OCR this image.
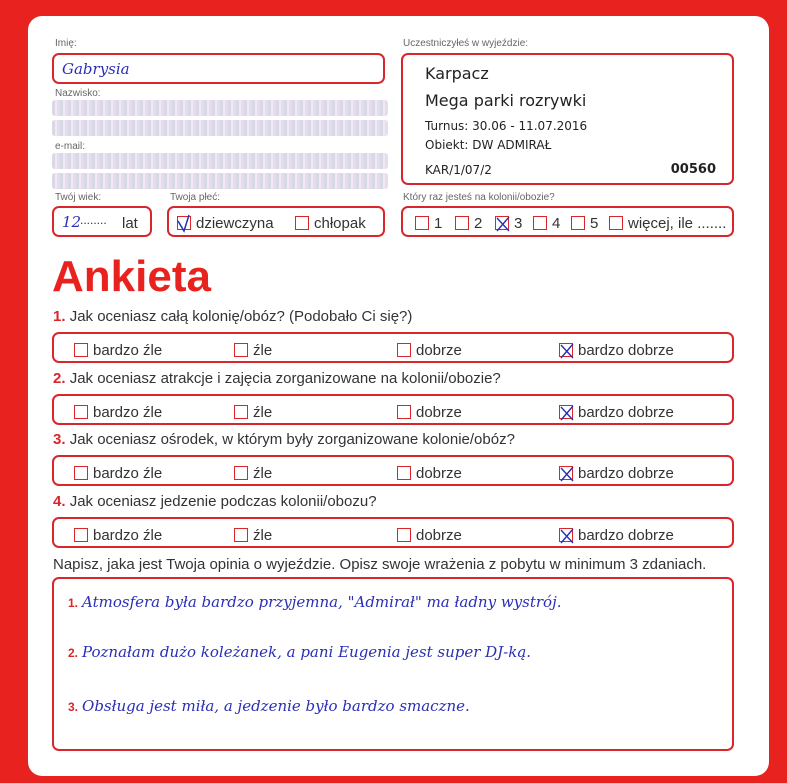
Imię:
Gabrysia
Nazwisko:
e-mail:
Twój wiek:
12
........ lat
Twoja płeć:
dziewczyna	chłopak
Uczestniczyłeś w wyjeździe:
Karpacz
Mega parki rozrywki
Turnus: 30.06 - 11.07.2016
Obiekt: DW ADMIRAŁ
KAR/1/07/2	00560
Który raz jesteś na kolonii/obozie?
1	2	3	4	5	więcej, ile .......
Ankieta
1. Jak oceniasz całą kolonię/obóz? (Podobało Ci się?)
bardzo źle	źle	dobrze	bardzo dobrze
2. Jak oceniasz atrakcje i zajęcia zorganizowane na kolonii/obozie?
bardzo źle	źle	dobrze	bardzo dobrze
3. Jak oceniasz ośrodek, w którym były zorganizowane kolonie/obóz?
bardzo źle	źle	dobrze	bardzo dobrze
4. Jak oceniasz jedzenie podczas kolonii/obozu?
bardzo źle	źle	dobrze	bardzo dobrze
Napisz, jaka jest Twoja opinia o wyjeździe. Opisz swoje wrażenia z pobytu w minimum 3 zdaniach.
1. Atmosfera była bardzo przyjemna, "Admirał" ma ładny wystrój.
2. Poznałam dużo koleżanek, a pani Eugenia jest super DJ-ką.
3. Obsługa jest miła, a jedzenie było bardzo smaczne.
